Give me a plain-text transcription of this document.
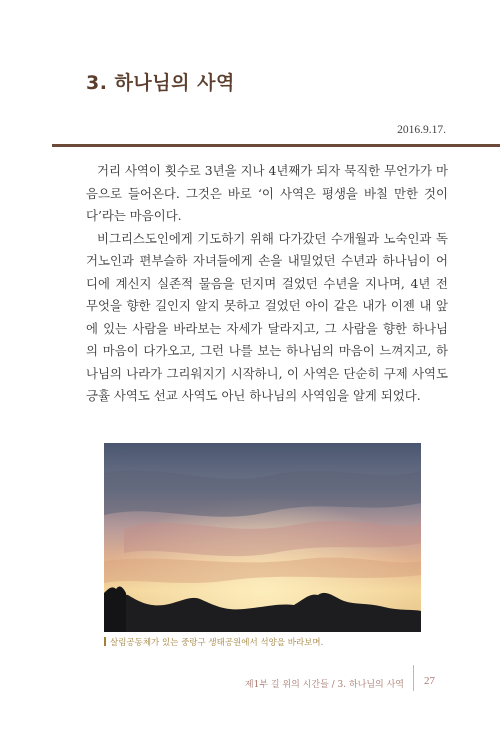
3. 하나님의 사역
2016.9.17.

거리 사역이 횟수로 3년을 지나 4년째가 되자 묵직한 무언가가 마음으로 들어온다. 그것은 바로 ‘이 사역은 평생을 바칠 만한 것이다’라는 마음이다.

비그리스도인에게 기도하기 위해 다가갔던 수개월과 노숙인과 독거노인과 편부슬하 자녀들에게 손을 내밀었던 수년과 하나님이 어디에 계신지 실존적 물음을 던지며 걸었던 수년을 지나며, 4년 전 무엇을 향한 길인지 알지 못하고 걸었던 아이 같은 내가 이젠 내 앞에 있는 사람을 바라보는 자세가 달라지고, 그 사람을 향한 하나님의 마음이 다가오고, 그런 나를 보는 하나님의 마음이 느껴지고, 하나님의 나라가 그리워지기 시작하니, 이 사역은 단순히 구제 사역도 긍휼 사역도 선교 사역도 아닌 하나님의 사역임을 알게 되었다.

살림공동체가 있는 중랑구 생태공원에서 석양을 바라보며.
제1부 길 위의 시간들 / 3. 하나님의 사역 27
